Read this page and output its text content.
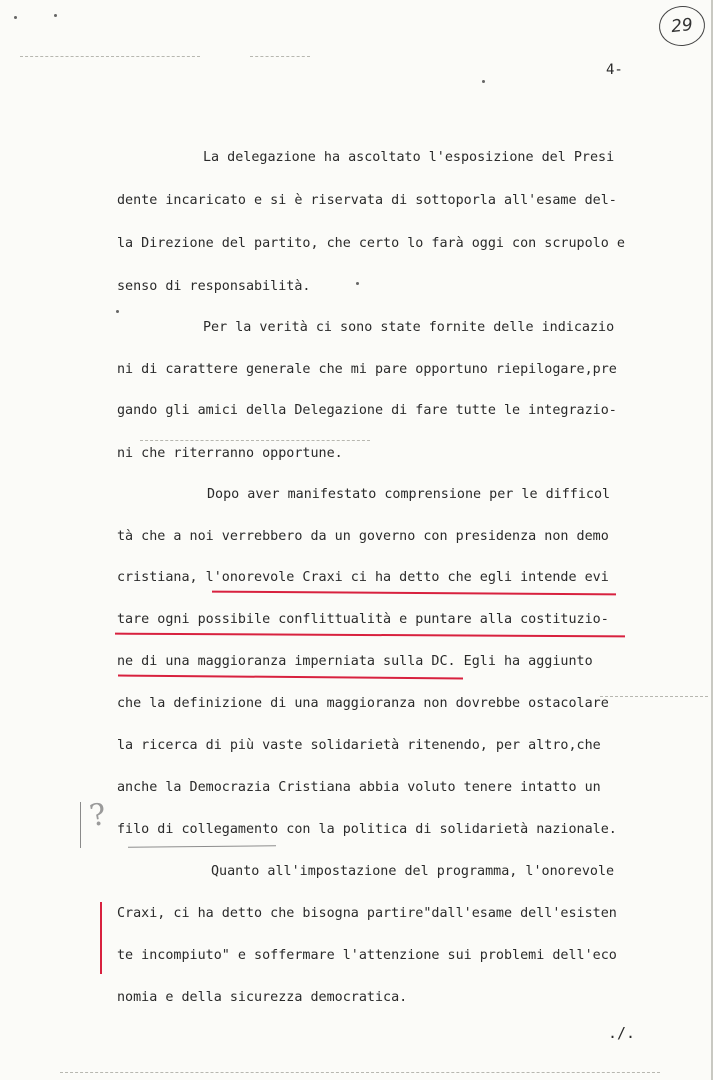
29
4-
La delegazione ha ascoltato l'esposizione del Presi
dente incaricato e si è riservata di sottoporla all'esame del-
la Direzione del partito, che certo lo farà oggi con scrupolo e
senso di responsabilità.
Per la verità ci sono state fornite delle indicazio
ni di carattere generale che mi pare opportuno riepilogare,pre
gando gli amici della Delegazione di fare tutte le integrazio-
ni che riterranno opportune.
Dopo aver manifestato comprensione per le difficol
tà che a noi verrebbero da un governo con presidenza non demo
cristiana, l'onorevole Craxi ci ha detto che egli intende evi
tare ogni possibile conflittualità e puntare alla costituzio-
ne di una maggioranza imperniata sulla DC. Egli ha aggiunto
che la definizione di una maggioranza non dovrebbe ostacolare
la ricerca di più vaste solidarietà ritenendo, per altro,che
anche la Democrazia Cristiana abbia voluto tenere intatto un
filo di collegamento con la politica di solidarietà nazionale.
Quanto all'impostazione del programma, l'onorevole
Craxi, ci ha detto che bisogna partire"dall'esame dell'esisten
te incompiuto" e soffermare l'attenzione sui problemi dell'eco
nomia e della sicurezza democratica.
?
./.
